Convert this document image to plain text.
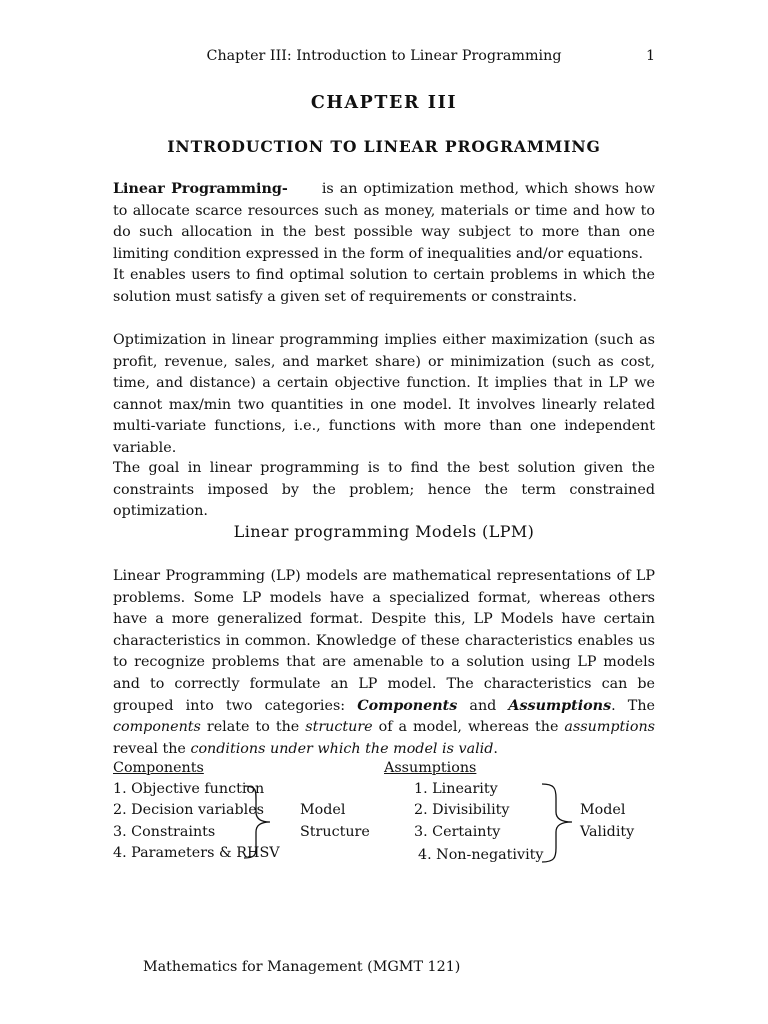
Chapter III: Introduction to Linear Programming	1
CHAPTER III
INTRODUCTION TO LINEAR PROGRAMMING

Linear Programming- is an optimization method, which shows how to allocate scarce resources such as money, materials or time and how to do such allocation in the best possible way subject to more than one limiting condition expressed in the form of inequalities and/or equations.
It enables users to find optimal solution to certain problems in which the solution must satisfy a given set of requirements or constraints.

Optimization in linear programming implies either maximization (such as profit, revenue, sales, and market share) or minimization (such as cost, time, and distance) a certain objective function. It implies that in LP we cannot max/min two quantities in one model. It involves linearly related multi-variate functions, i.e., functions with more than one independent variable.

The goal in linear programming is to find the best solution given the constraints imposed by the problem; hence the term constrained optimization.

Linear programming Models (LPM)

Linear Programming (LP) models are mathematical representations of LP problems. Some LP models have a specialized format, whereas others have a more generalized format. Despite this, LP Models have certain characteristics in common. Knowledge of these characteristics enables us to recognize problems that are amenable to a solution using LP models and to correctly formulate an LP model. The characteristics can be grouped into two categories: Components and Assumptions. The components relate to the structure of a model, whereas the assumptions reveal the conditions under which the model is valid.

Components
1. Objective function
2. Decision variables
3. Constraints
4. Parameters & RHSV
Model
Structure
Assumptions
1. Linearity
2. Divisibility
3. Certainty
4. Non-negativity
Model
Validity
Mathematics for Management (MGMT 121)
